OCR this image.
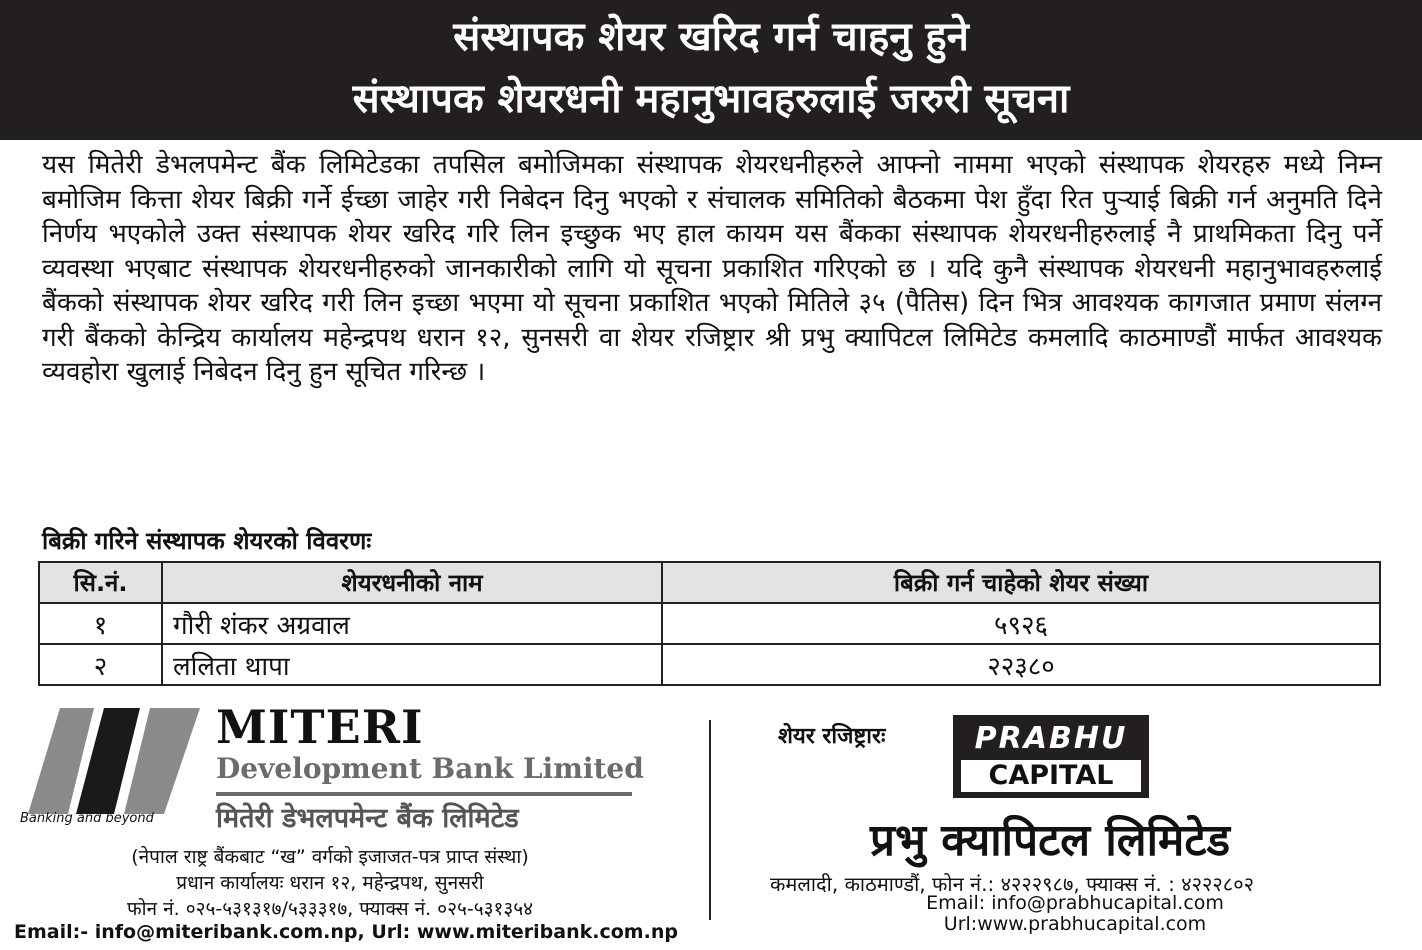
संस्थापक शेयर खरिद गर्न चाहनु हुने
संस्थापक शेयरधनी महानुभावहरुलाई जरुरी सूचना
यस मितेरी डेभलपमेन्ट बैंक लिमिटेडका तपसिल बमोजिमका संस्थापक शेयरधनीहरुले आफ्नो नाममा भएको संस्थापक शेयरहरु मध्ये निम्न बमोजिम कित्ता शेयर बिक्री गर्ने ईच्छा जाहेर गरी निबेदन दिनु भएको र संचालक समितिको बैठकमा पेश हुँदा रित पुऱ्याई बिक्री गर्न अनुमति दिने निर्णय भएकोले उक्त संस्थापक शेयर खरिद गरि लिन इच्छुक भए हाल कायम यस बैंकका संस्थापक शेयरधनीहरुलाई नै प्राथमिकता दिनु पर्ने व्यवस्था भएबाट संस्थापक शेयरधनीहरुको जानकारीको लागि यो सूचना प्रकाशित गरिएको छ । यदि कुनै संस्थापक शेयरधनी महानुभावहरुलाई बैंकको संस्थापक शेयर खरिद गरी लिन इच्छा भएमा यो सूचना प्रकाशित भएको मितिले ३५ (पैतिस) दिन भित्र आवश्यक कागजात प्रमाण संलग्न गरी बैंकको केन्द्रिय कार्यालय महेन्द्रपथ धरान १२, सुनसरी वा शेयर रजिष्ट्रार श्री प्रभु क्यापिटल लिमिटेड कमलादि काठमाण्डौं मार्फत आवश्यक व्यवहोरा खुलाई निबेदन दिनु हुन सूचित गरिन्छ ।
बिक्री गरिने संस्थापक शेयरको विवरणः
सि.नं.	शेयरधनीको नाम	बिक्री गर्न चाहेको शेयर संख्या
१	गौरी शंकर अग्रवाल	५९२६
२	ललिता थापा	२२३८०
Banking and beyond
MITERI
Development Bank Limited
मितेरी डेभलपमेन्ट बैंक लिमिटेड
(नेपाल राष्ट्र बैंकबाट “ख” वर्गको इजाजत-पत्र प्राप्त संस्था)
प्रधान कार्यालयः धरान १२, महेन्द्रपथ, सुनसरी
फोन नं. ०२५-५३१३१७/५३३३१७, फ्याक्स नं. ०२५-५३१३५४
Email:- info@miteribank.com.np, Url: www.miteribank.com.np
शेयर रजिष्ट्रारः	PRABHU
CAPITAL
प्रभु क्यापिटल लिमिटेड
कमलादी, काठमाण्डौं, फोन नं.: ४२२२९८७, फ्याक्स नं. : ४२२२८०२
Email: info@prabhucapital.com
Url:www.prabhucapital.com
